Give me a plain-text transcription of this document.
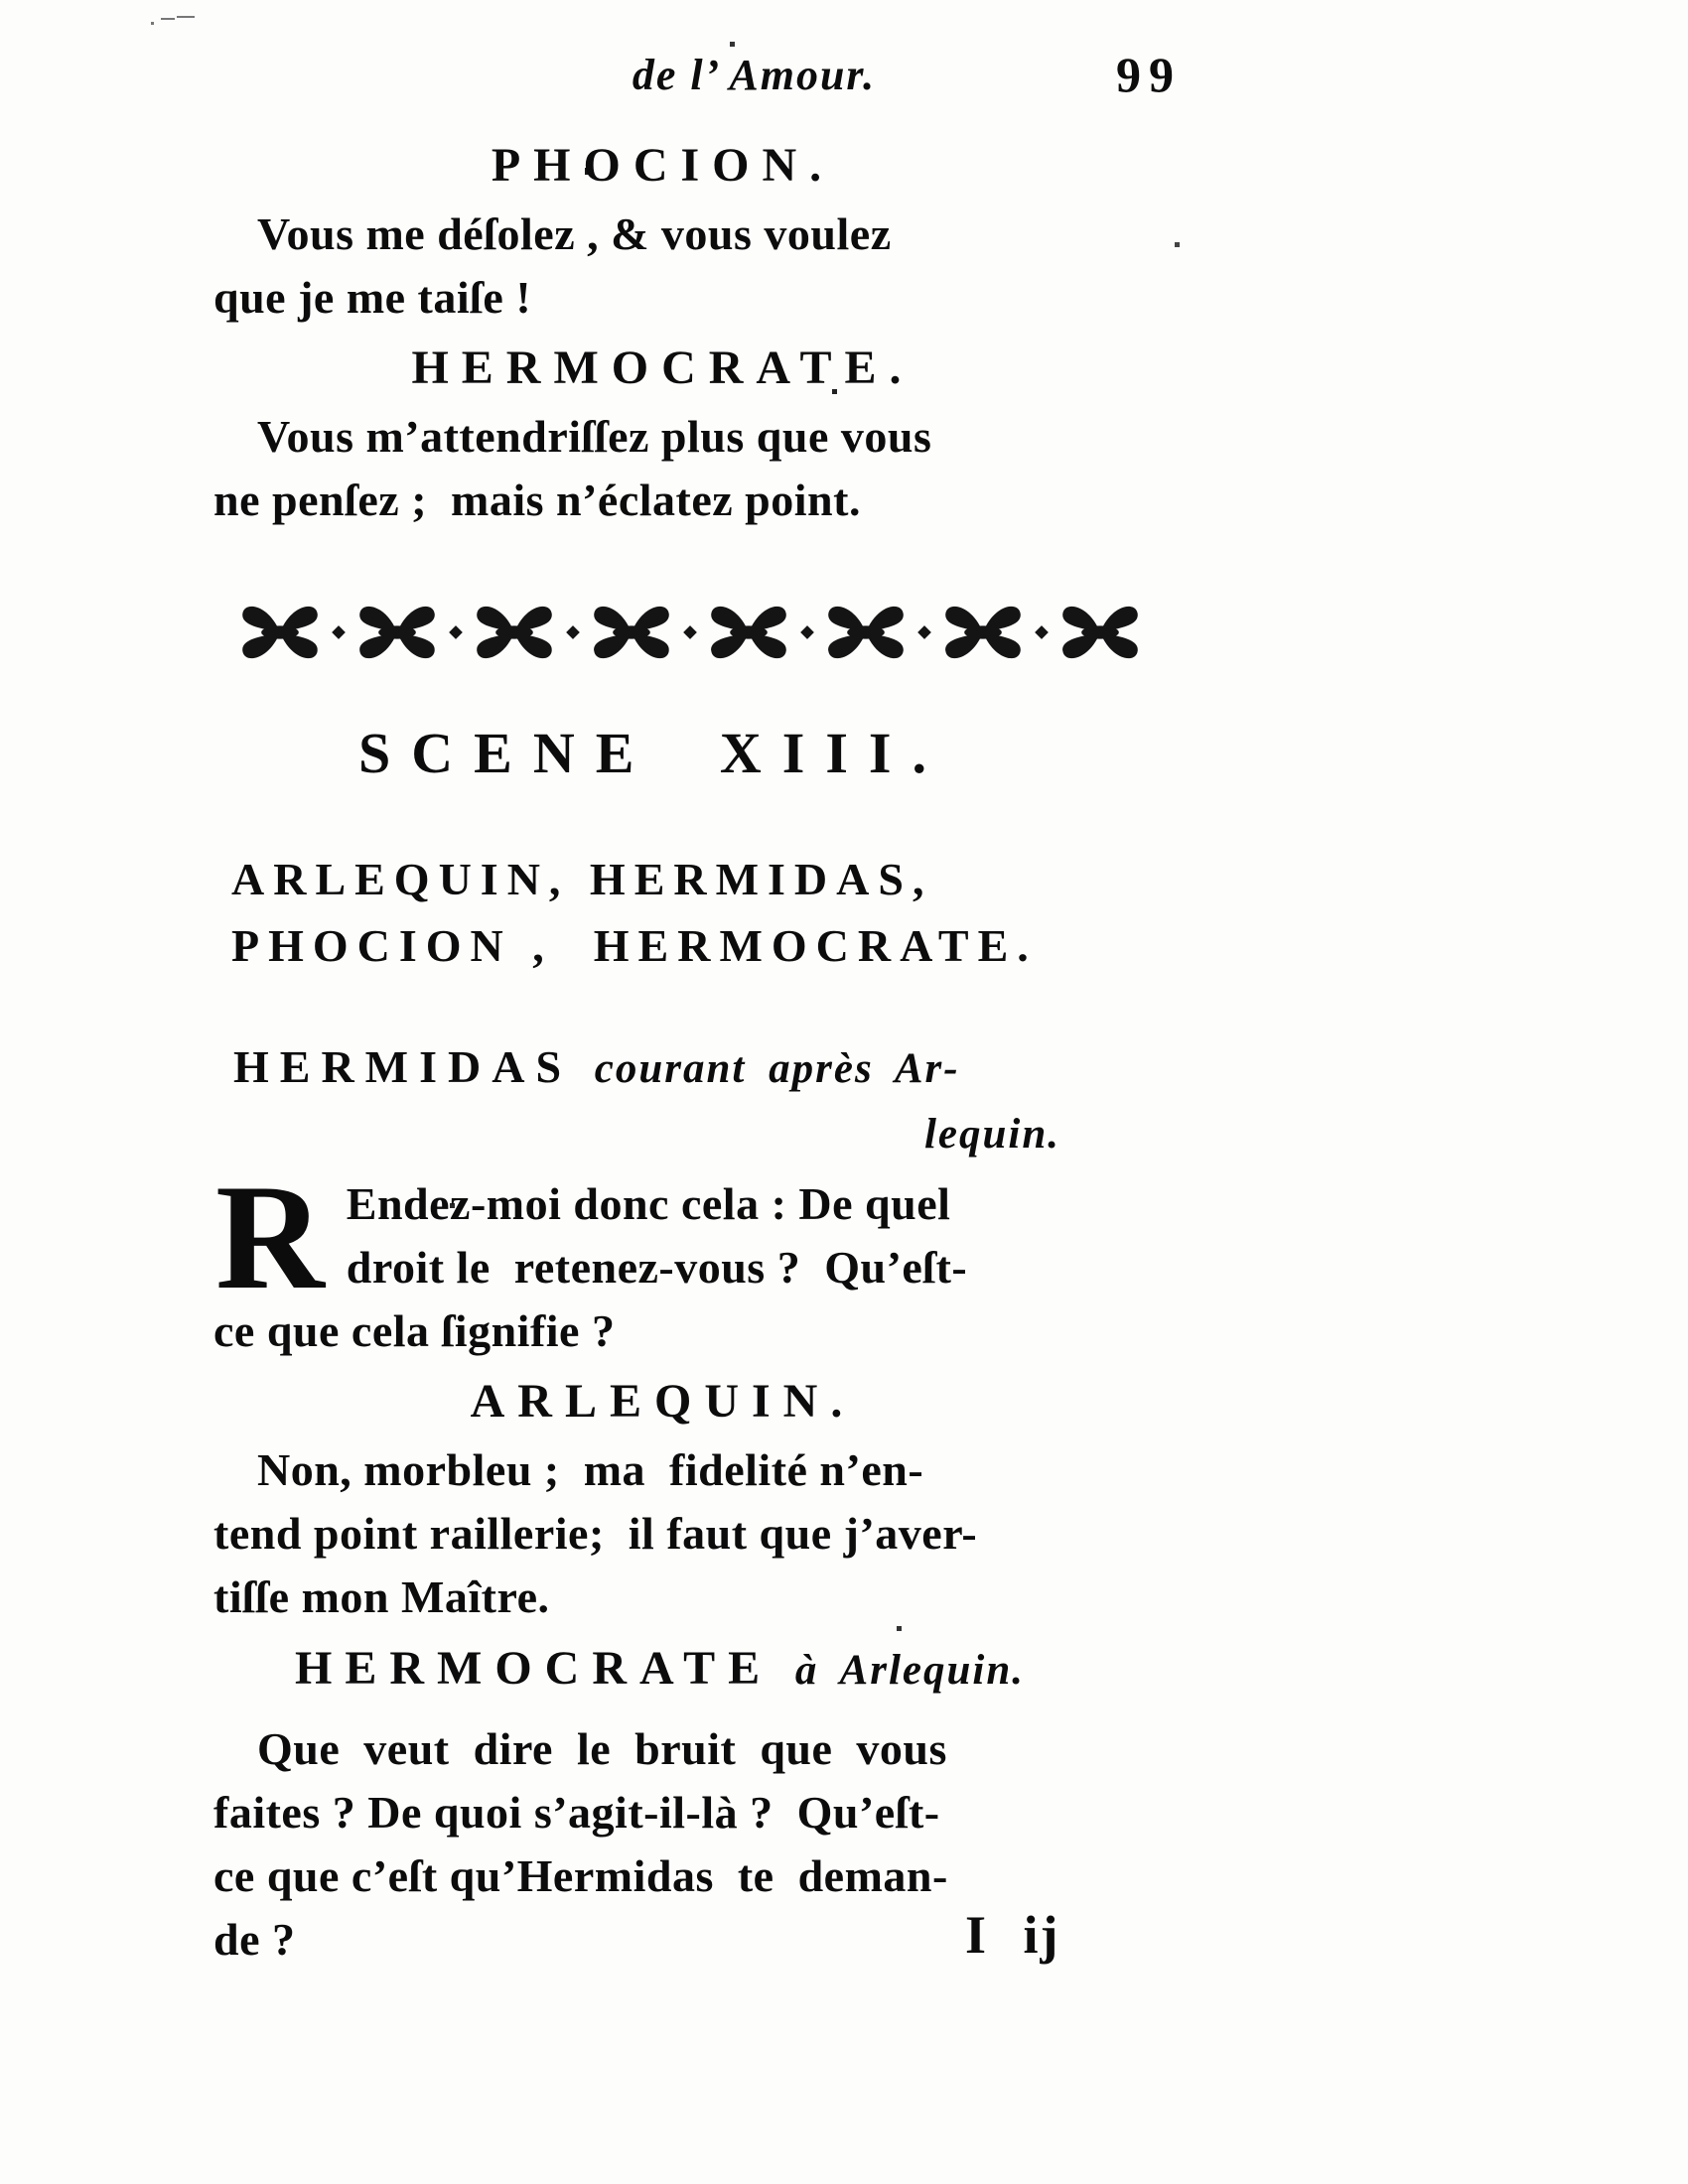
de l’ Amour.	99
PHOCION.
Vous me déſolez , & vous voulez
que je me taiſe !
HERMOCRATE.
Vous m’attendriſſez plus que vous
ne penſez ;  mais n’éclatez point.
SCENE XIII.
ARLEQUIN, HERMIDAS,
PHOCION ,  HERMOCRATE.
HERMIDAS courant après Ar-
lequin.
R Endez-moi donc cela : De quel
droit le  retenez-vous ?  Qu’eſt-
ce que cela ſignifie ?
ARLEQUIN.
Non, morbleu ;  ma  fidelité n’en-
tend point raillerie;  il faut que j’aver-
tiſſe mon Maître.
HERMOCRATE à Arlequin.
Que  veut  dire  le  bruit  que  vous
faites ? De quoi s’agit-il-là ?  Qu’eſt-
ce que c’eſt qu’Hermidas  te  deman-
de ?	I ij
